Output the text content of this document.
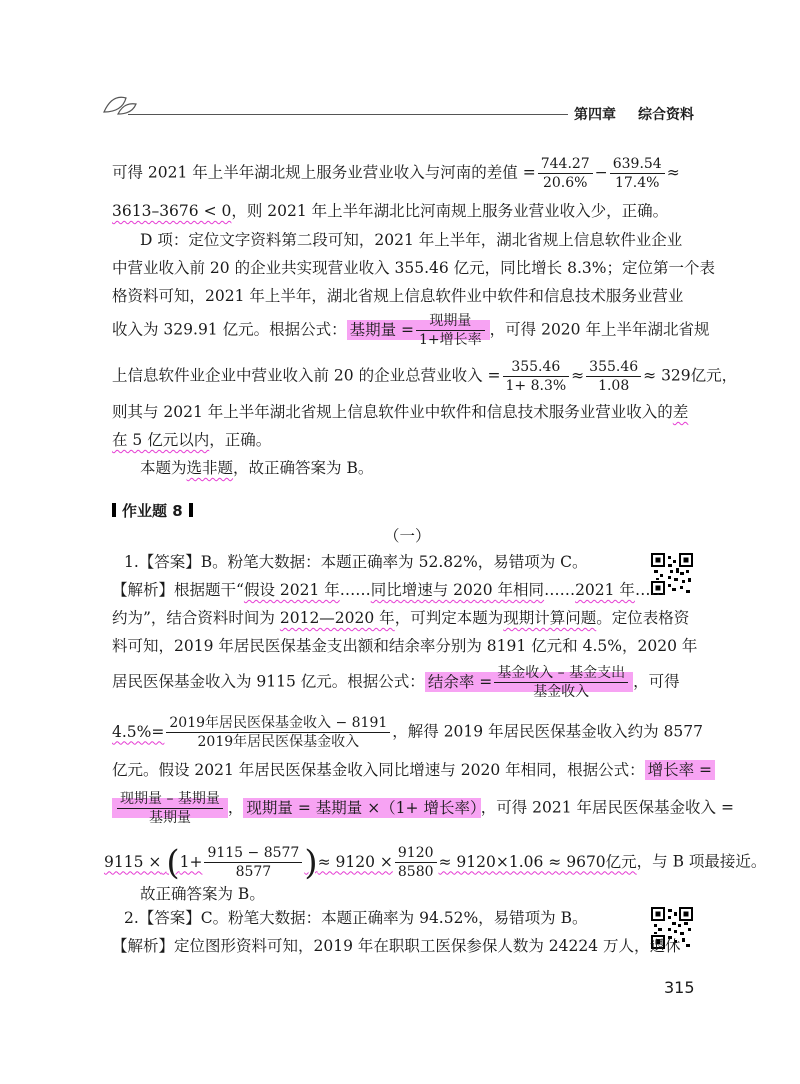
第四章 综合资料
可得 2021 年上半年湖北规上服务业营业收入与河南的差值 = $\frac{744.27}{20.6\%} - \frac{639.54}{17.4\%}$ ≈
3613–3676 < 0，则 2021 年上半年湖北比河南规上服务业营业收入少，正确。
D 项：定位文字资料第二段可知，2021 年上半年，湖北省规上信息软件业企业
中营业收入前 20 的企业共实现营业收入 355.46 亿元，同比增长 8.3%；定位第一个表
格资料可知，2021 年上半年，湖北省规上信息软件业中软件和信息技术服务业营业
收入为 329.91 亿元。根据公式： 基期量 = $\frac{\text{现期量}}{\text{1+增长率}}$ ，可得 2020 年上半年湖北省规
上信息软件业企业中营业收入前 20 的企业总营业收入 = $\frac{355.46}{1+ 8.3\%} \approx \frac{355.46}{1.08} \approx 329$亿元，
则其与 2021 年上半年湖北省规上信息软件业中软件和信息技术服务业营业收入的差
在 5 亿元以内，正确。
本题为选非题，故正确答案为 B。
作业题 8
（一）
1.【答案】B。粉笔大数据：本题正确率为 52.82%，易错项为 C。
【解析】根据题干“假设 2021 年……同比增速与 2020 年相同……2021 年……
约为”，结合资料时间为 2012—2020 年，可判定本题为现期计算问题。定位表格资
料可知，2019 年居民医保基金支出额和结余率分别为 8191 亿元和 4.5%，2020 年
居民医保基金收入为 9115 亿元。根据公式： 结余率 = $\frac{\text{基金收入 – 基金支出}}{\text{基金收入}}$ ，可得
$4.5\%= \frac{\text{2019年居民医保基金收入 − 8191}}{\text{2019年居民医保基金收入}}$ ，解得 2019 年居民医保基金收入约为 8577
亿元。假设 2021 年居民医保基金收入同比增速与 2020 年相同，根据公式： 增长率 =
$\frac{\text{现期量 – 基期量}}{\text{基期量}}$ ， 现期量 = 基期量 ×（1+ 增长率） ，可得 2021 年居民医保基金收入 =
$9115 \times (1+ \frac{9115 - 8577}{8577}$ )≈ $9120 \times \frac{9120}{8580} \approx 9120\times 1.06 \approx 9670$亿元，与 B 项最接近。
故正确答案为 B。
2.【答案】C。粉笔大数据：本题正确率为 94.52%，易错项为 B。
【解析】定位图形资料可知，2019 年在职职工医保参保人数为 24224 万人，退休
315
